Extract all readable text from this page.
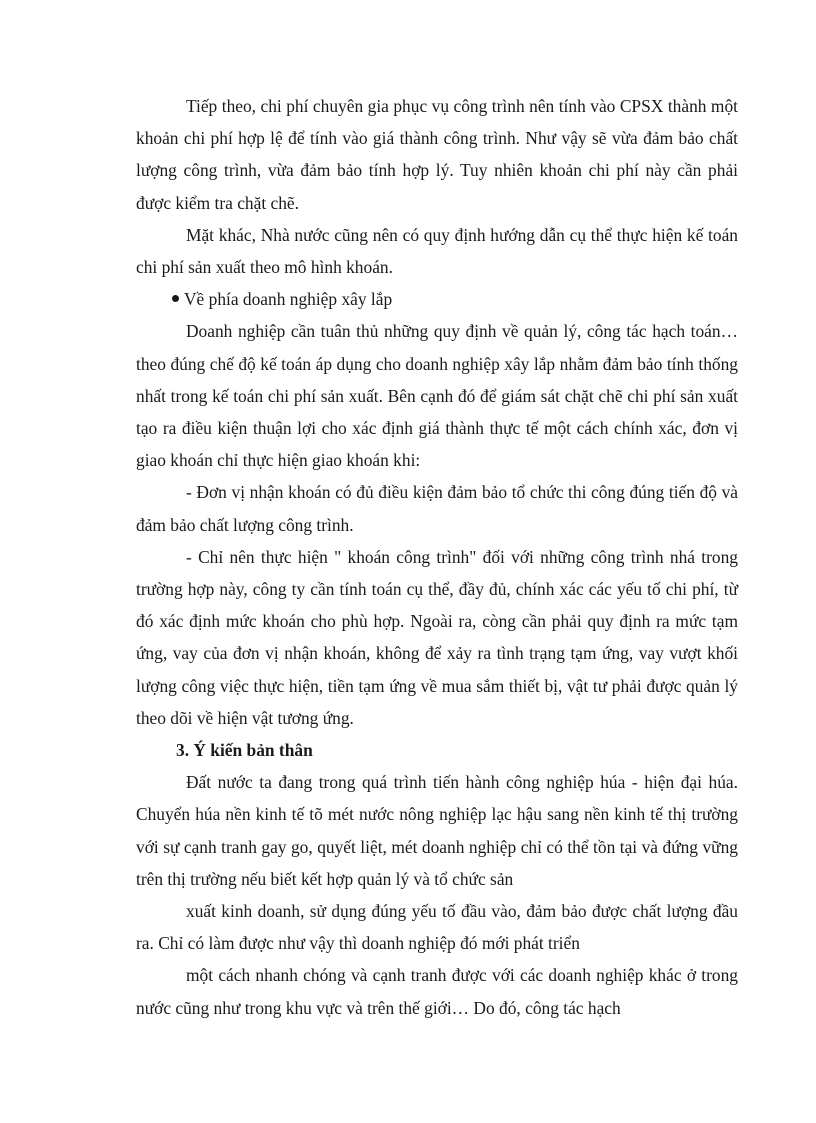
Tiếp theo, chi phí chuyên gia phục vụ công trình nên tính vào CPSX thành một khoản chi phí hợp lệ để tính vào giá thành công trình. Như vậy sẽ vừa đảm bảo chất lượng công trình, vừa đảm bảo tính hợp lý. Tuy nhiên khoản chi phí này cần phải được kiểm tra chặt chẽ.

Mặt khác, Nhà nước cũng nên có quy định hướng dẫn cụ thể thực hiện kế toán chi phí sản xuất theo mô hình khoán.

Về phía doanh nghiệp xây lắp

Doanh nghiệp cần tuân thủ những quy định về quản lý, công tác hạch toán… theo đúng chế độ kế toán áp dụng cho doanh nghiệp xây lắp nhằm đảm bảo tính thống nhất trong kế toán chi phí sản xuất. Bên cạnh đó để giám sát chặt chẽ chi phí sản xuất tạo ra điều kiện thuận lợi cho xác định giá thành thực tế một cách chính xác, đơn vị giao khoán chỉ thực hiện giao khoán khi:

- Đơn vị nhận khoán có đủ điều kiện đảm bảo tổ chức thi công đúng tiến độ và đảm bảo chất lượng công trình.

- Chỉ nên thực hiện " khoán công trình" đối với những công trình nhá trong trường hợp này, công ty cần tính toán cụ thể, đầy đủ, chính xác các yếu tố chi phí, từ đó xác định mức khoán cho phù hợp. Ngoài ra, còng cần phải quy định ra mức tạm ứng, vay của đơn vị nhận khoán, không để xảy ra tình trạng tạm ứng, vay vượt khối lượng công việc thực hiện, tiền tạm ứng về mua sắm thiết bị, vật tư phải được quản lý theo dõi về hiện vật tương ứng.

3. Ý kiến bản thân

Đất nước ta đang trong quá trình tiến hành công nghiệp húa - hiện đại húa. Chuyển húa nền kinh tế tõ mét nước nông nghiệp lạc hậu sang nền kinh tế thị trường với sự cạnh tranh gay go, quyết liệt, mét doanh nghiệp chỉ có thể tồn tại và đứng vững trên thị trường nếu biết kết hợp quản lý và tổ chức sản

xuất kinh doanh, sử dụng đúng yếu tố đầu vào, đảm bảo được chất lượng đầu ra. Chỉ có làm được như vậy thì doanh nghiệp đó mới phát triển

một cách nhanh chóng và cạnh tranh được với các doanh nghiệp khác ở trong nước cũng như trong khu vực và trên thế giới… Do đó, công tác hạch
